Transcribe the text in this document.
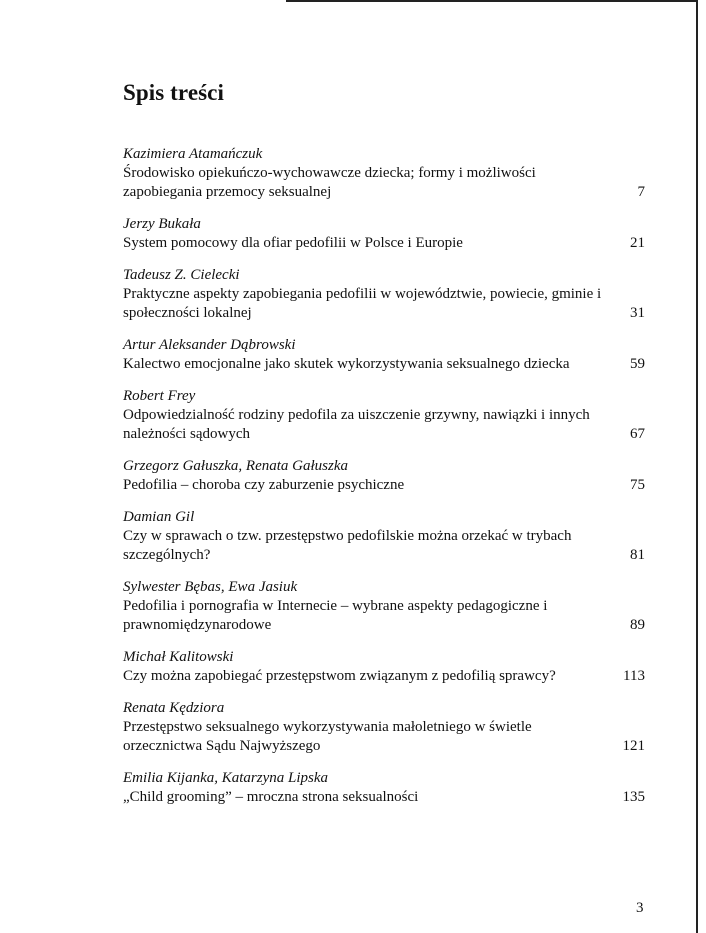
Spis treści
Kazimiera Atamańczuk
Środowisko opiekuńczo-wychowawcze dziecka; formy i możliwości zapobiegania przemocy seksualnej	7
Jerzy Bukała
System pomocowy dla ofiar pedofilii w Polsce i Europie	21
Tadeusz Z. Cielecki
Praktyczne aspekty zapobiegania pedofilii w województwie, powiecie, gminie i społeczności lokalnej	31
Artur Aleksander Dąbrowski
Kalectwo emocjonalne jako skutek wykorzystywania seksualnego dziecka	59
Robert Frey
Odpowiedzialność rodziny pedofila za uiszczenie grzywny, nawiązki i innych należności sądowych	67
Grzegorz Gałuszka, Renata Gałuszka
Pedofilia – choroba czy zaburzenie psychiczne	75
Damian Gil
Czy w sprawach o tzw. przestępstwo pedofilskie można orzekać w trybach szczególnych?	81
Sylwester Bębas, Ewa Jasiuk
Pedofilia i pornografia w Internecie – wybrane aspekty pedagogiczne i prawnomiędzynarodowe	89
Michał Kalitowski
Czy można zapobiegać przestępstwom związanym z pedofilią sprawcy?	113
Renata Kędziora
Przestępstwo seksualnego wykorzystywania małoletniego w świetle orzecznictwa Sądu Najwyższego	121
Emilia Kijanka, Katarzyna Lipska
„Child grooming” – mroczna strona seksualności	135
3
